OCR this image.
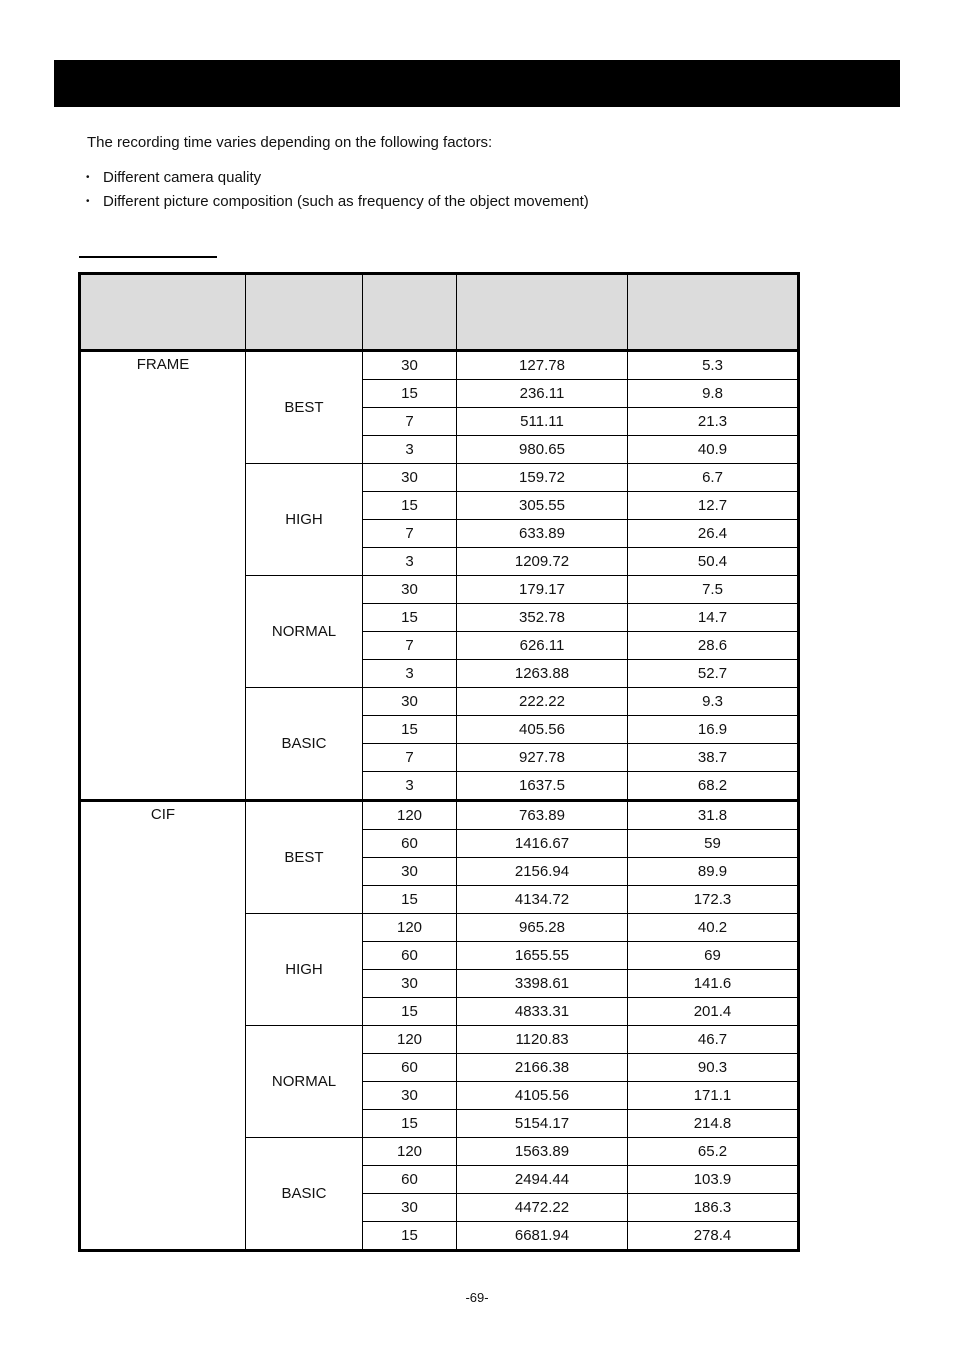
The recording time varies depending on the following factors:

• Different camera quality
• Different picture composition (such as frequency of the object movement)

FRAME	BEST	30	127.78	5.3
		15	236.11	9.8
		7	511.11	21.3
		3	980.65	40.9
	HIGH	30	159.72	6.7
		15	305.55	12.7
		7	633.89	26.4
		3	1209.72	50.4
	NORMAL	30	179.17	7.5
		15	352.78	14.7
		7	626.11	28.6
		3	1263.88	52.7
	BASIC	30	222.22	9.3
		15	405.56	16.9
		7	927.78	38.7
		3	1637.5	68.2
CIF	BEST	120	763.89	31.8
		60	1416.67	59
		30	2156.94	89.9
		15	4134.72	172.3
	HIGH	120	965.28	40.2
		60	1655.55	69
		30	3398.61	141.6
		15	4833.31	201.4
	NORMAL	120	1120.83	46.7
		60	2166.38	90.3
		30	4105.56	171.1
		15	5154.17	214.8
	BASIC	120	1563.89	65.2
		60	2494.44	103.9
		30	4472.22	186.3
		15	6681.94	278.4
-69-
